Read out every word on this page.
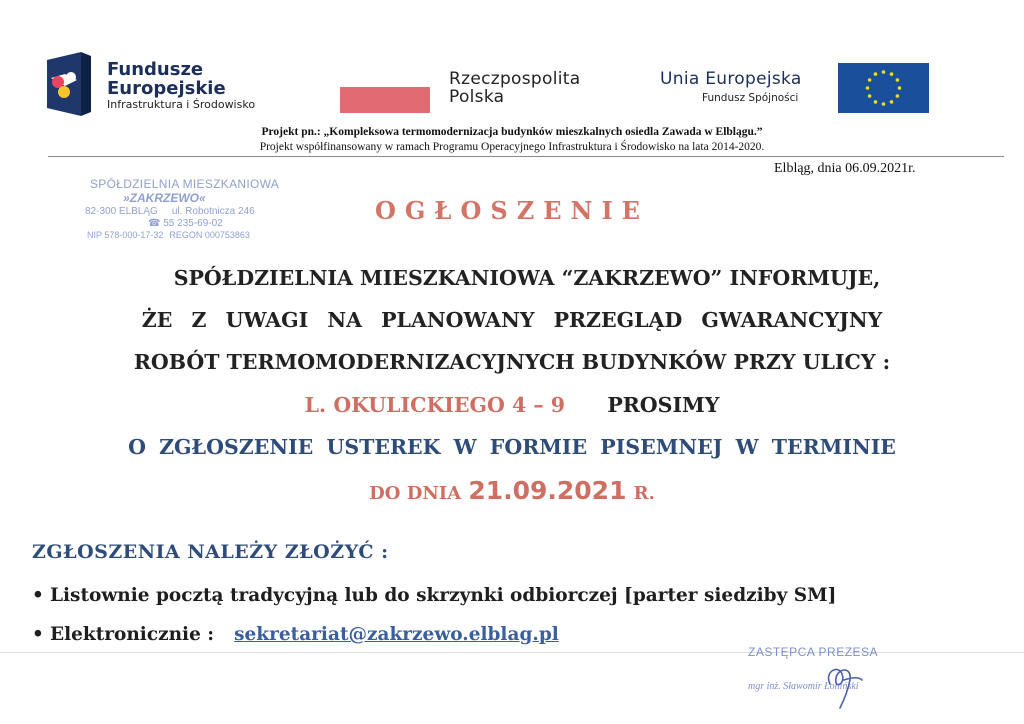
Fundusze
Europejskie
Infrastruktura i Środowisko
Rzeczpospolita
Polska
Unia Europejska
Fundusz Spójności
Projekt pn.: „Kompleksowa termomodernizacja budynków mieszkalnych osiedla Zawada w Elblągu.”
Projekt współfinansowany w ramach Programu Operacyjnego Infrastruktura i Środowisko na lata 2014-2020.
Elbląg, dnia 06.09.2021r.
SPÓŁDZIELNIA MIESZKANIOWA
»ZAKRZEWO«
82-300 ELBLĄG ul. Robotnicza 246
☎ 55 235-69-02
NIP 578-000-17-32 REGON 000753863
OGŁOSZENIE
SPÓŁDZIELNIA MIESZKANIOWA “ZAKRZEWO” INFORMUJE,
ŻE Z UWAGI NA PLANOWANY PRZEGLĄD GWARANCYJNY
ROBÓT TERMOMODERNIZACYJNYCH BUDYNKÓW PRZY ULICY :
L. OKULICKIEGO 4 – 9 PROSIMY
O ZGŁOSZENIE USTEREK W FORMIE PISEMNEJ W TERMINIE
DO DNIA 21.09.2021 R.
ZGŁOSZENIA NALEŻY ZŁOŻYĆ :
• Listownie pocztą tradycyjną lub do skrzynki odbiorczej [parter siedziby SM]
• Elektronicznie : sekretariat@zakrzewo.elblag.pl
ZASTĘPCA PREZESA
mgr inż. Sławomir Łoniński
